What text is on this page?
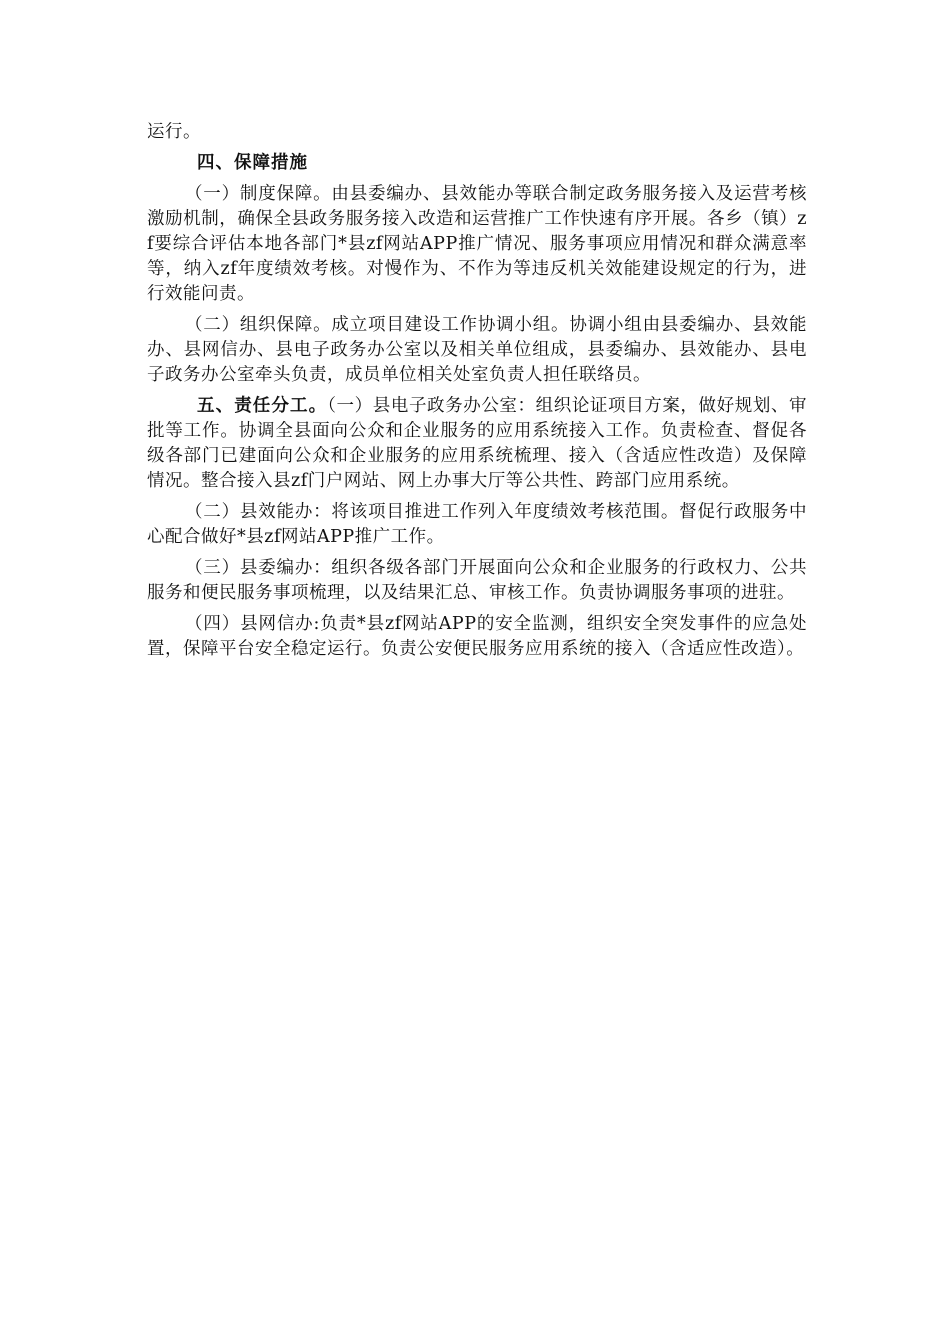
运行。

四、保障措施

（一）制度保障。由县委编办、县效能办等联合制定政务服务接入及运营考核激励机制，确保全县政务服务接入改造和运营推广工作快速有序开展。各乡（镇）zf要综合评估本地各部门*县zf网站APP推广情况、服务事项应用情况和群众满意率等，纳入zf年度绩效考核。对慢作为、不作为等违反机关效能建设规定的行为，进行效能问责。

（二）组织保障。成立项目建设工作协调小组。协调小组由县委编办、县效能办、县网信办、县电子政务办公室以及相关单位组成，县委编办、县效能办、县电子政务办公室牵头负责，成员单位相关处室负责人担任联络员。

五、责任分工。（一）县电子政务办公室：组织论证项目方案，做好规划、审批等工作。协调全县面向公众和企业服务的应用系统接入工作。负责检查、督促各级各部门已建面向公众和企业服务的应用系统梳理、接入（含适应性改造）及保障情况。整合接入县zf门户网站、网上办事大厅等公共性、跨部门应用系统。

（二）县效能办：将该项目推进工作列入年度绩效考核范围。督促行政服务中心配合做好*县zf网站APP推广工作。

（三）县委编办：组织各级各部门开展面向公众和企业服务的行政权力、公共服务和便民服务事项梳理，以及结果汇总、审核工作。负责协调服务事项的进驻。

（四）县网信办:负责*县zf网站APP的安全监测，组织安全突发事件的应急处置，保障平台安全稳定运行。负责公安便民服务应用系统的接入（含适应性改造）。
